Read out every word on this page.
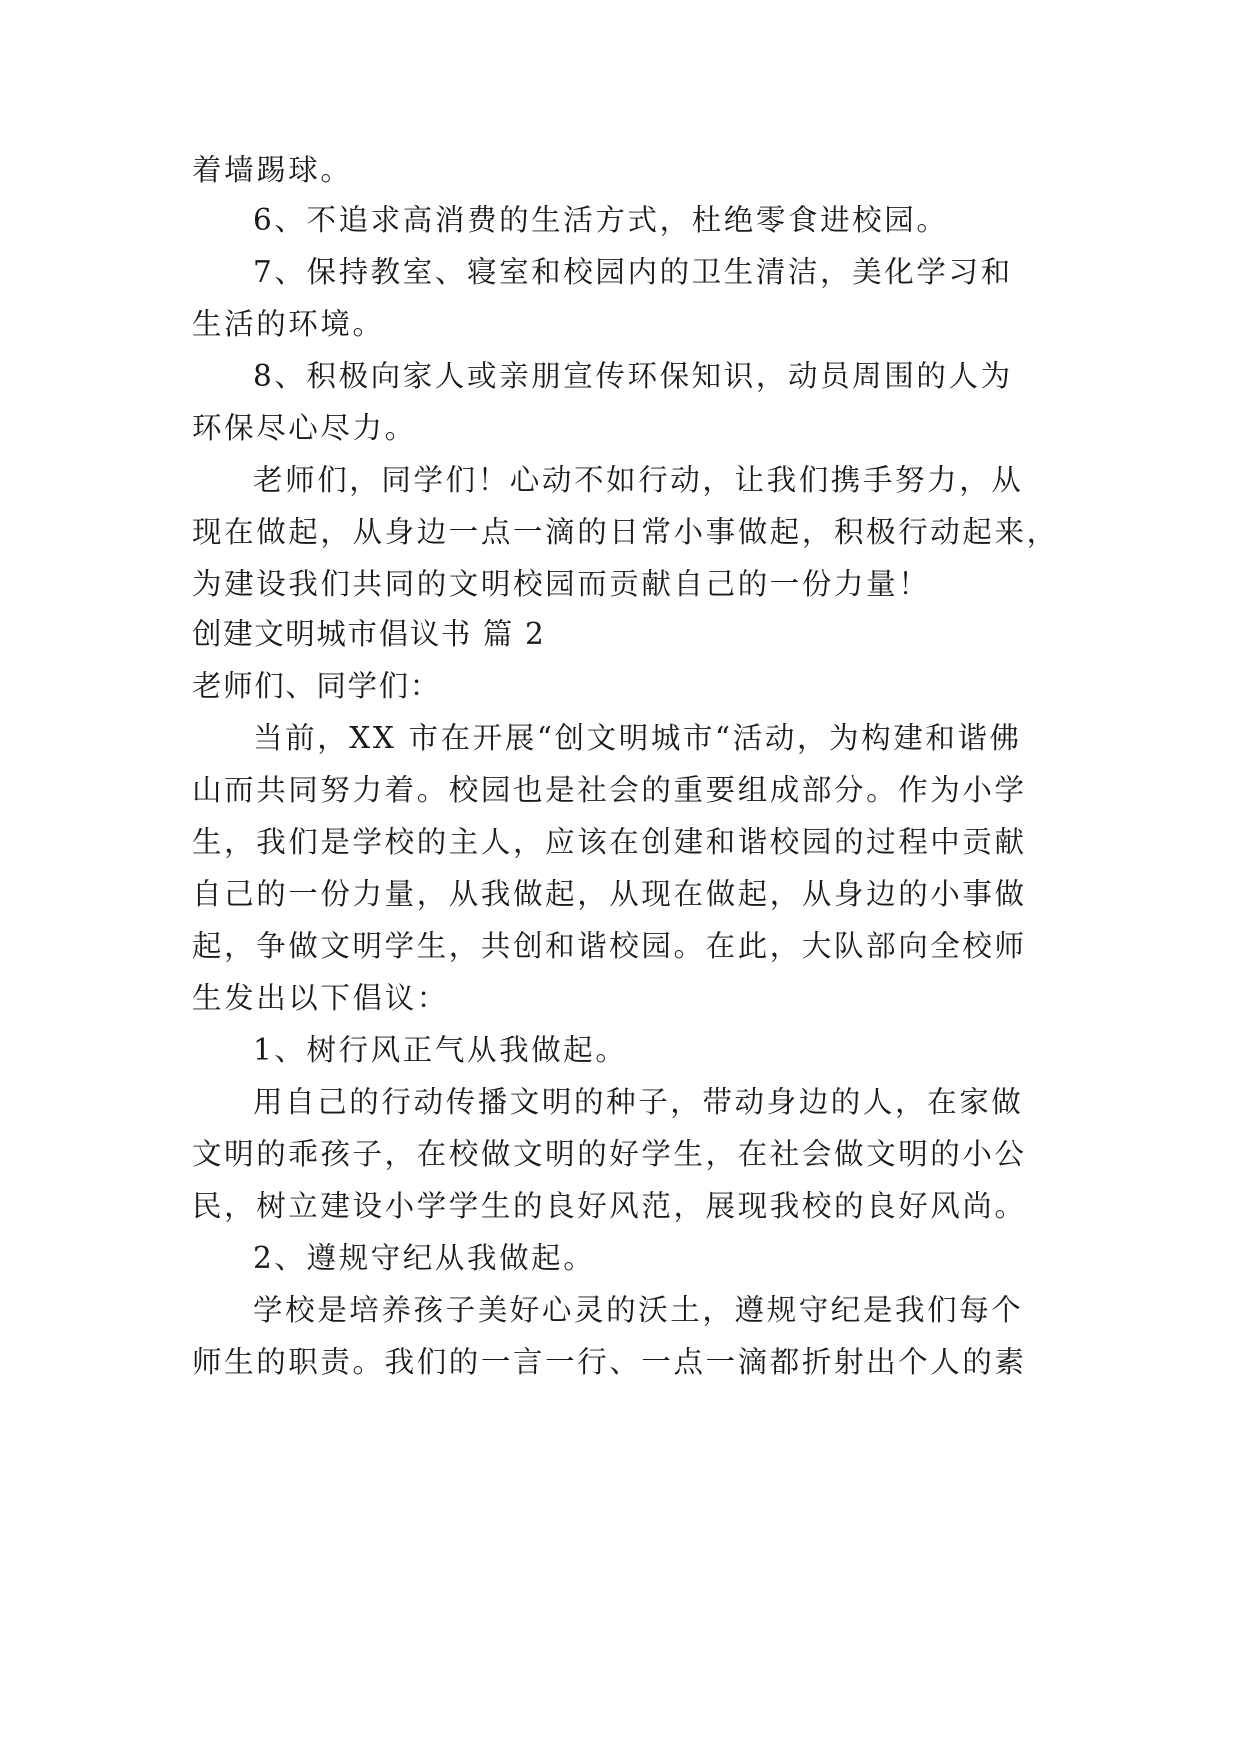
着墙踢球。
6、不追求高消费的生活方式，杜绝零食进校园。
7、保持教室、寝室和校园内的卫生清洁，美化学习和
生活的环境。
8、积极向家人或亲朋宣传环保知识，动员周围的人为
环保尽心尽力。
老师们，同学们！心动不如行动，让我们携手努力，从
现在做起，从身边一点一滴的日常小事做起，积极行动起来，
为建设我们共同的文明校园而贡献自己的一份力量！
创建文明城市倡议书 篇 2
老师们、同学们：
当前，XX 市在开展“创文明城市“活动，为构建和谐佛
山而共同努力着。校园也是社会的重要组成部分。作为小学
生，我们是学校的主人，应该在创建和谐校园的过程中贡献
自己的一份力量，从我做起，从现在做起，从身边的小事做
起，争做文明学生，共创和谐校园。在此，大队部向全校师
生发出以下倡议：
1、树行风正气从我做起。
用自己的行动传播文明的种子，带动身边的人，在家做
文明的乖孩子，在校做文明的好学生，在社会做文明的小公
民，树立建设小学学生的良好风范，展现我校的良好风尚。
2、遵规守纪从我做起。
学校是培养孩子美好心灵的沃土，遵规守纪是我们每个
师生的职责。我们的一言一行、一点一滴都折射出个人的素
